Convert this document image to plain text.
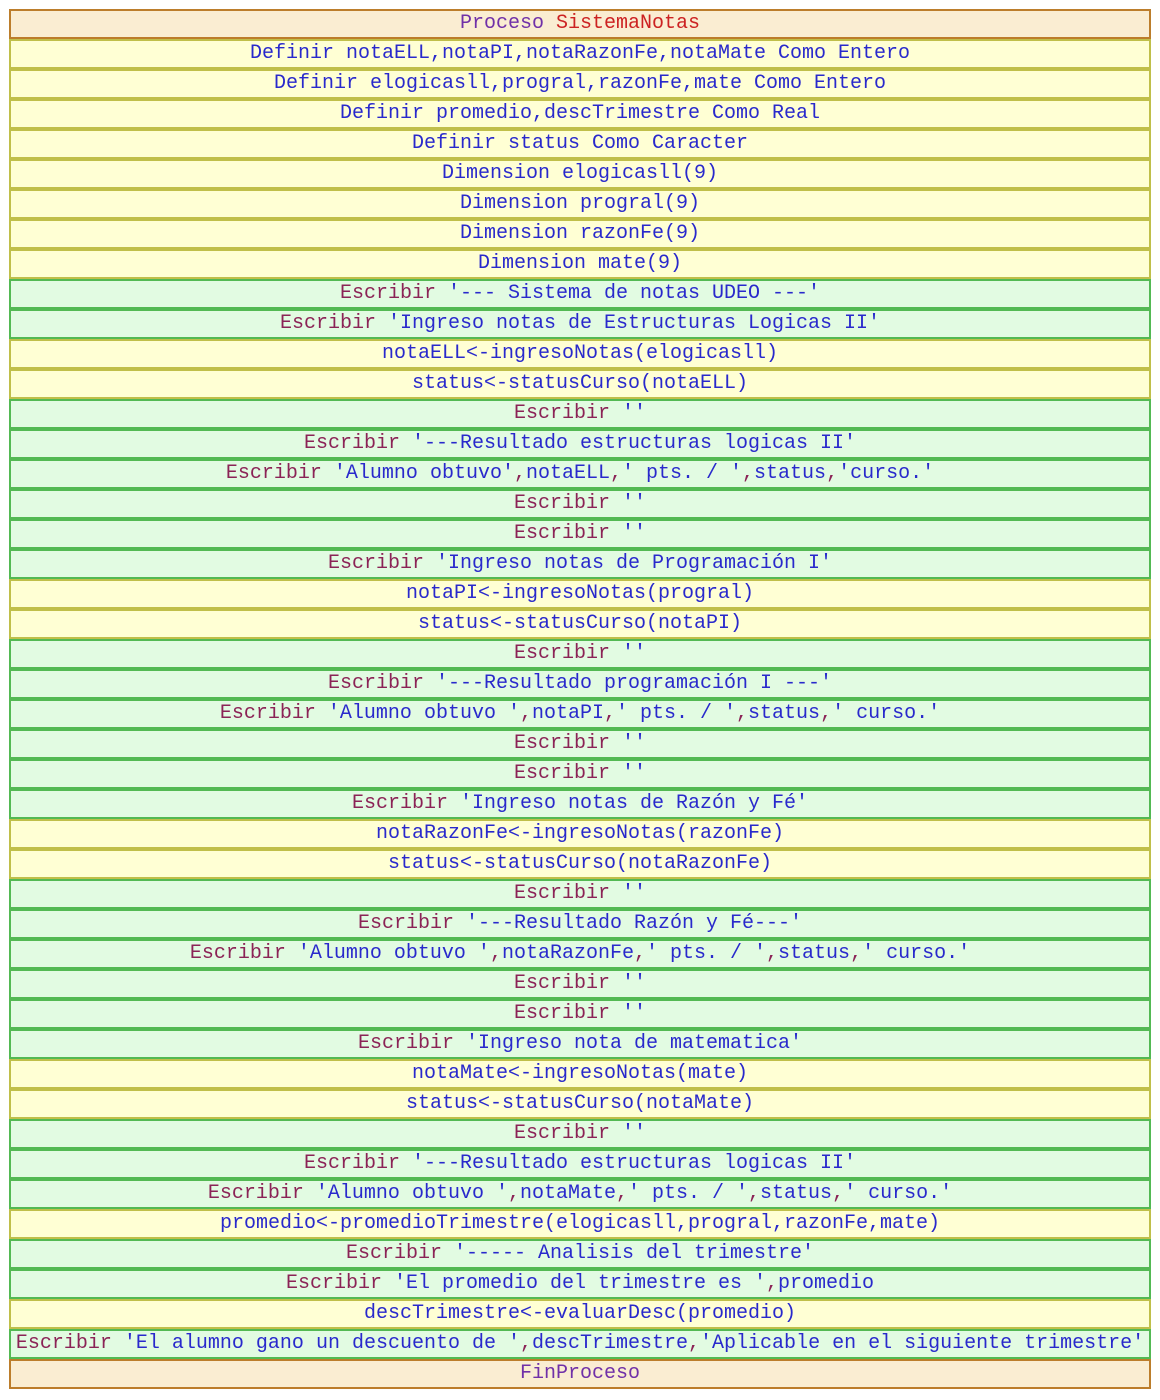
Proceso SistemaNotas
Definir notaELL,notaPI,notaRazonFe,notaMate Como Entero
Definir elogicasll,progral,razonFe,mate Como Entero
Definir promedio,descTrimestre Como Real
Definir status Como Caracter
Dimension elogicasll(9)
Dimension progral(9)
Dimension razonFe(9)
Dimension mate(9)
Escribir '--- Sistema de notas UDEO ---'
Escribir 'Ingreso notas de Estructuras Logicas II'
notaELL<-ingresoNotas(elogicasll)
status<-statusCurso(notaELL)
Escribir ''
Escribir '---Resultado estructuras logicas II'
Escribir 'Alumno obtuvo',notaELL,' pts. / ',status,'curso.'
Escribir ''
Escribir ''
Escribir 'Ingreso notas de Programación I'
notaPI<-ingresoNotas(progral)
status<-statusCurso(notaPI)
Escribir ''
Escribir '---Resultado programación I ---'
Escribir 'Alumno obtuvo ',notaPI,' pts. / ',status,' curso.'
Escribir ''
Escribir ''
Escribir 'Ingreso notas de Razón y Fé'
notaRazonFe<-ingresoNotas(razonFe)
status<-statusCurso(notaRazonFe)
Escribir ''
Escribir '---Resultado Razón y Fé---'
Escribir 'Alumno obtuvo ',notaRazonFe,' pts. / ',status,' curso.'
Escribir ''
Escribir ''
Escribir 'Ingreso nota de matematica'
notaMate<-ingresoNotas(mate)
status<-statusCurso(notaMate)
Escribir ''
Escribir '---Resultado estructuras logicas II'
Escribir 'Alumno obtuvo ',notaMate,' pts. / ',status,' curso.'
promedio<-promedioTrimestre(elogicasll,progral,razonFe,mate)
Escribir '----- Analisis del trimestre'
Escribir 'El promedio del trimestre es ',promedio
descTrimestre<-evaluarDesc(promedio)
Escribir 'El alumno gano un descuento de ',descTrimestre,'Aplicable en el siguiente trimestre'
FinProceso
